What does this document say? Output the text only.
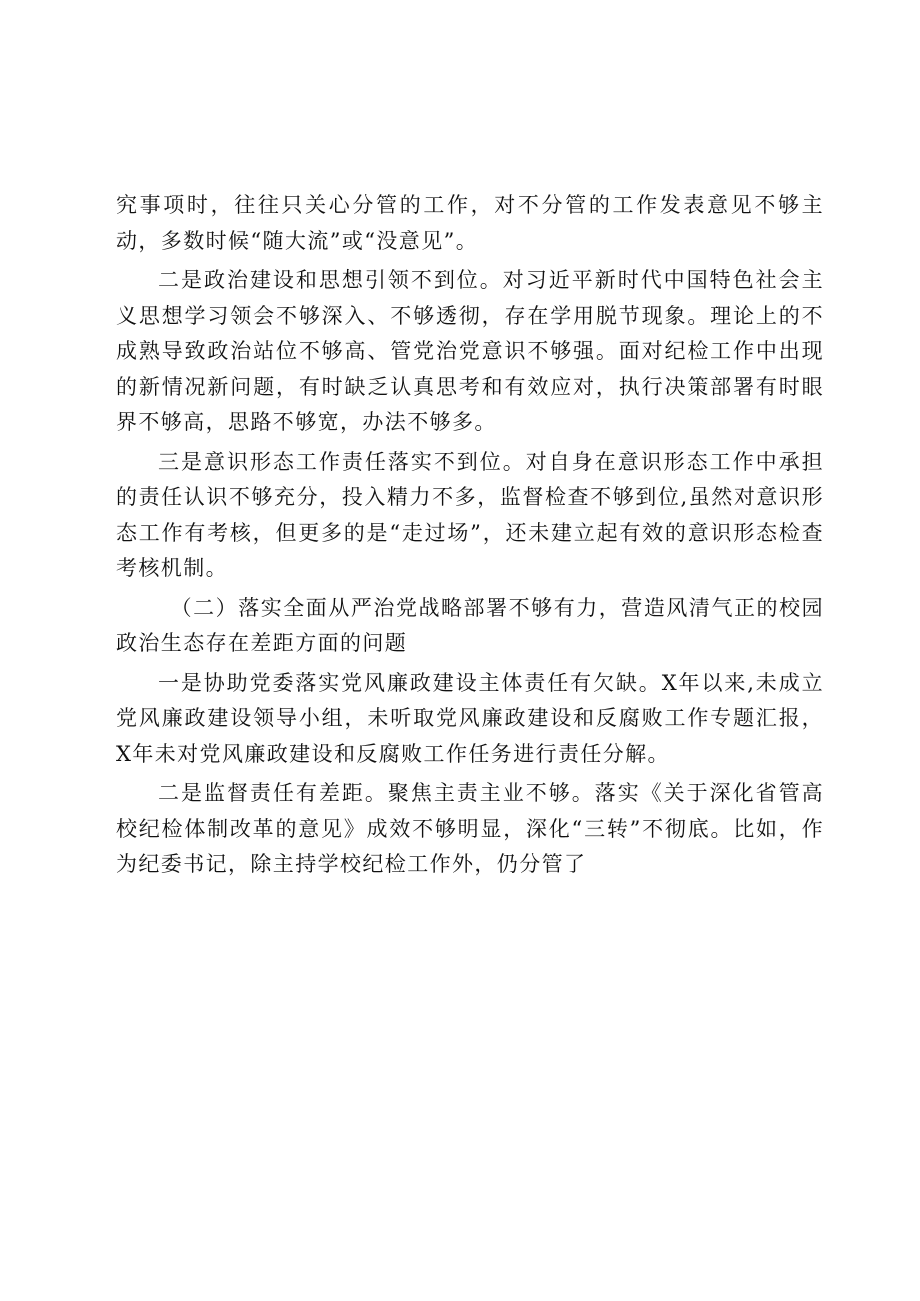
究事项时，往往只关心分管的工作，对不分管的工作发表意见不够主动，多数时候“随大流”或“没意见”。

二是政治建设和思想引领不到位。对习近平新时代中国特色社会主义思想学习领会不够深入、不够透彻，存在学用脱节现象。理论上的不成熟导致政治站位不够高、管党治党意识不够强。面对纪检工作中出现的新情况新问题，有时缺乏认真思考和有效应对，执行决策部署有时眼界不够高，思路不够宽，办法不够多。

三是意识形态工作责任落实不到位。对自身在意识形态工作中承担的责任认识不够充分，投入精力不多，监督检查不够到位,虽然对意识形态工作有考核，但更多的是“走过场”，还未建立起有效的意识形态检查考核机制。

（二）落实全面从严治党战略部署不够有力，营造风清气正的校园政治生态存在差距方面的问题

一是协助党委落实党风廉政建设主体责任有欠缺。X年以来,未成立党风廉政建设领导小组，未听取党风廉政建设和反腐败工作专题汇报，X年未对党风廉政建设和反腐败工作任务进行责任分解。

二是监督责任有差距。聚焦主责主业不够。落实《关于深化省管高校纪检体制改革的意见》成效不够明显，深化“三转”不彻底。比如，作为纪委书记，除主持学校纪检工作外，仍分管了
